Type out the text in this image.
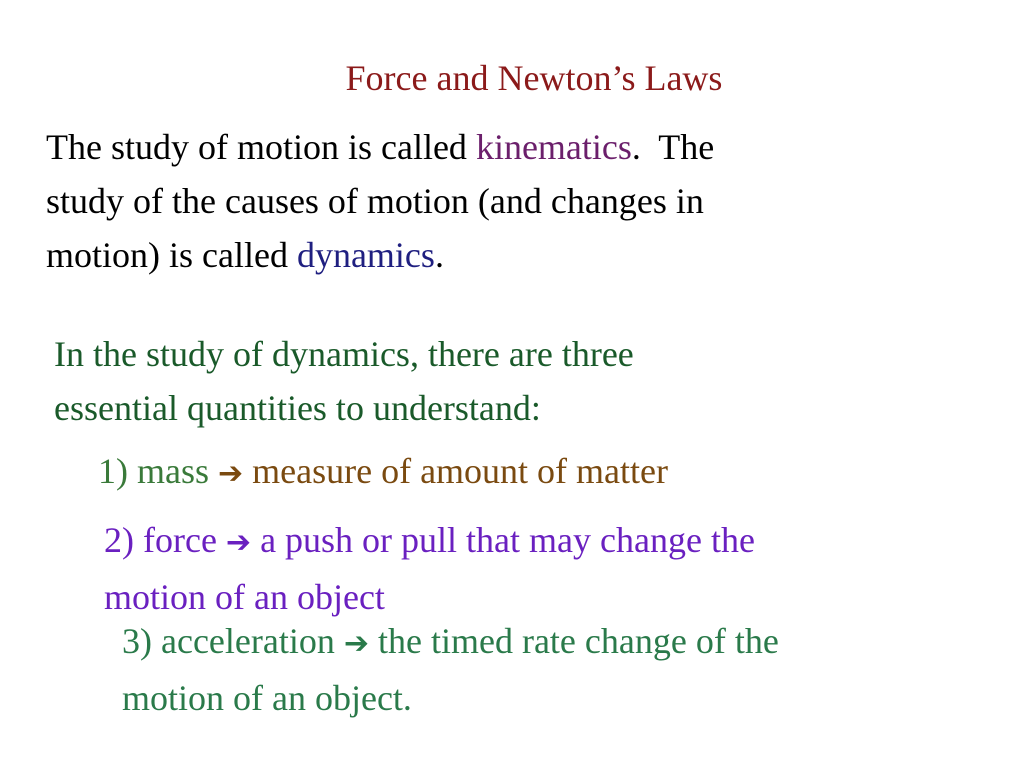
Force and Newton’s Laws
The study of motion is called kinematics.  The
study of the causes of motion (and changes in
motion) is called dynamics.
In the study of dynamics, there are three
essential quantities to understand:
1) mass ➔ measure of amount of matter
2) force ➔ a push or pull that may change the
motion of an object
3) acceleration ➔ the timed rate change of the
motion of an object.
